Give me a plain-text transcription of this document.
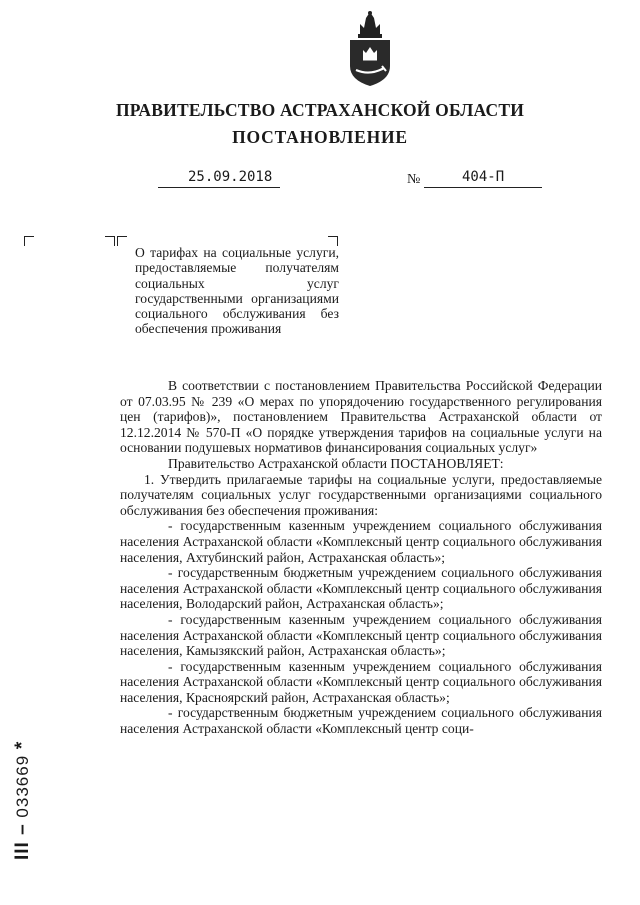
ПРАВИТЕЛЬСТВО АСТРАХАНСКОЙ ОБЛАСТИ
ПОСТАНОВЛЕНИЕ
25.09.2018	№	404-П
О тарифах на социальные услуги, предоставляемые получателям социальных услуг государственными организациями социального обслуживания без обеспечения проживания

В соответствии с постановлением Правительства Российской Федерации от 07.03.95 № 239 «О мерах по упорядочению государственного регулирования цен (тарифов)», постановлением Правительства Астраханской области от 12.12.2014 № 570-П «О порядке утверждения тарифов на социальные услуги на основании подушевых нормативов финансирования социальных услуг»

Правительство Астраханской области ПОСТАНОВЛЯЕТ:

1. Утвердить прилагаемые тарифы на социальные услуги, предоставляемые получателям социальных услуг государственными организациями социального обслуживания без обеспечения проживания:

- государственным казенным учреждением социального обслуживания населения Астраханской области «Комплексный центр социального обслуживания населения, Ахтубинский район, Астраханская область»;

- государственным бюджетным учреждением социального обслуживания населения Астраханской области «Комплексный центр социального обслуживания населения, Володарский район, Астраханская область»;

- государственным казенным учреждением социального обслуживания населения Астраханской области «Комплексный центр социального обслуживания населения, Камызякский район, Астраханская область»;

- государственным казенным учреждением социального обслуживания населения Астраханской области «Комплексный центр социального обслуживания населения, Красноярский район, Астраханская область»;

- государственным бюджетным учреждением социального обслуживания населения Астраханской области «Комплексный центр соци-

ІІІ – 033669 *
